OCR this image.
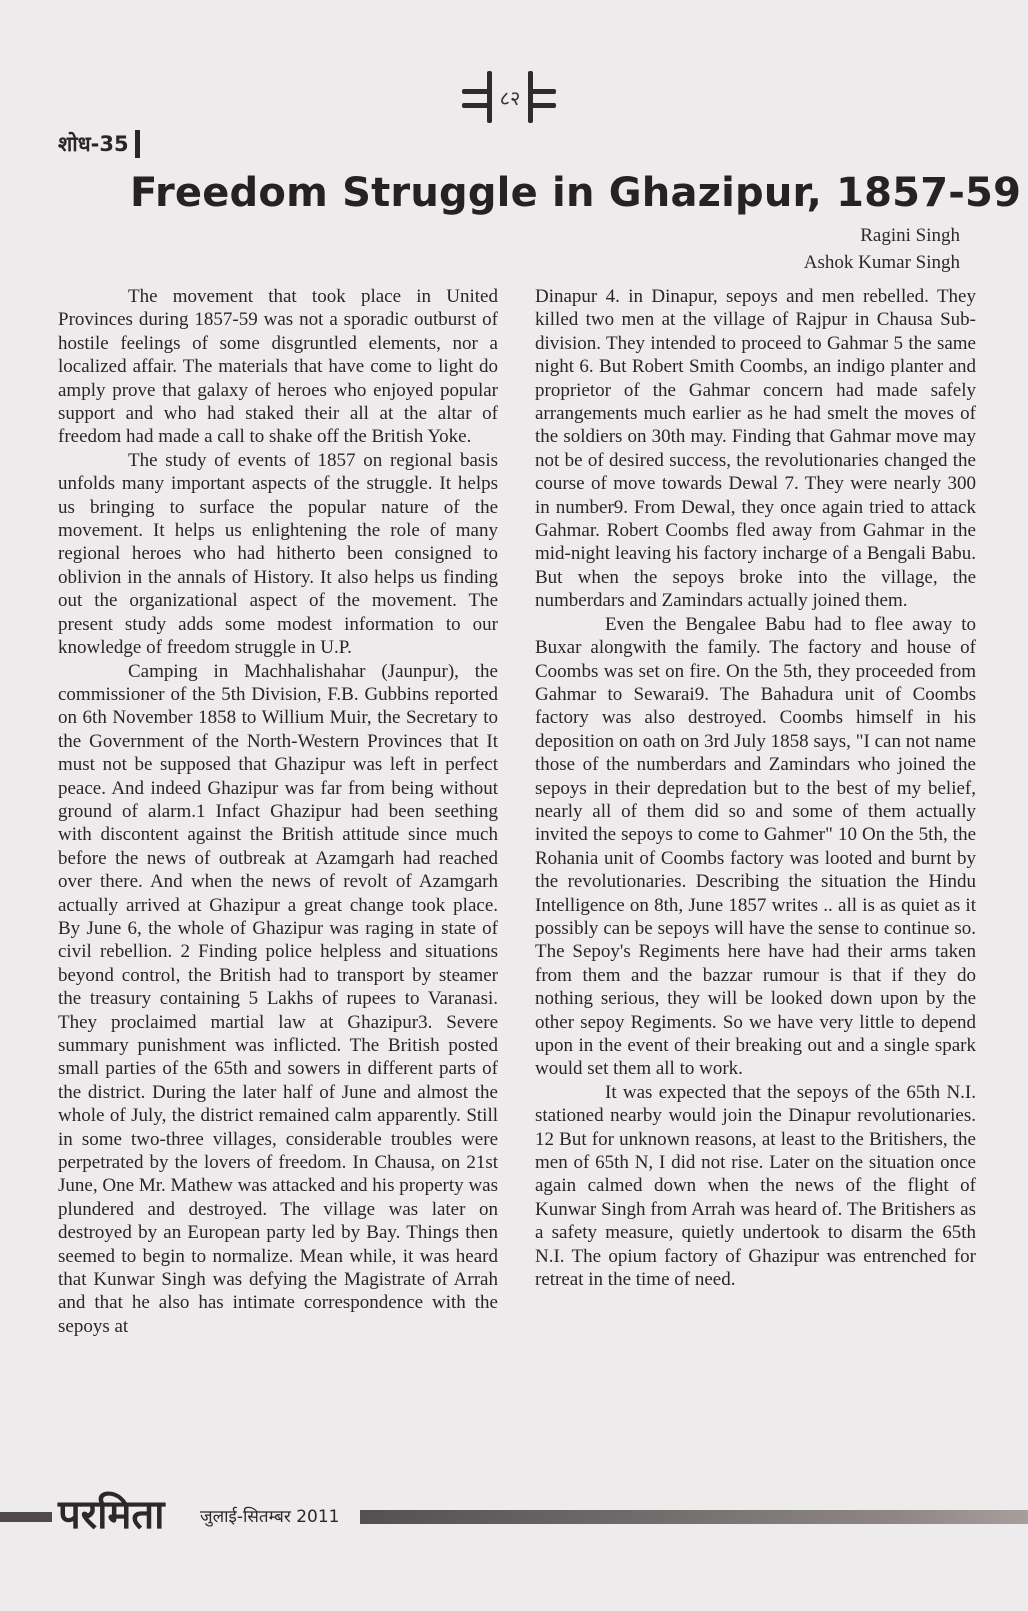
८२
शोध-35
Freedom Struggle in Ghazipur, 1857-59
Ragini Singh
Ashok Kumar Singh

The movement that took place in United Provinces during 1857-59 was not a sporadic outburst of hostile feelings of some disgruntled elements, nor a localized affair. The materials that have come to light do amply prove that galaxy of heroes who enjoyed popular support and who had staked their all at the altar of freedom had made a call to shake off the British Yoke.

The study of events of 1857 on regional basis unfolds many important aspects of the struggle. It helps us bringing to surface the popular nature of the movement. It helps us enlightening the role of many regional heroes who had hitherto been consigned to oblivion in the annals of History. It also helps us finding out the organizational aspect of the movement. The present study adds some modest information to our knowledge of freedom struggle in U.P.

Camping in Machhalishahar (Jaunpur), the commissioner of the 5th Division, F.B. Gubbins reported on 6th November 1858 to Willium Muir, the Secretary to the Government of the North-Western Provinces that It must not be supposed that Ghazipur was left in perfect peace. And indeed Ghazipur was far from being without ground of alarm.1 Infact Ghazipur had been seething with discontent against the British attitude since much before the news of outbreak at Azamgarh had reached over there. And when the news of revolt of Azamgarh actually arrived at Ghazipur a great change took place. By June 6, the whole of Ghazipur was raging in state of civil rebellion. 2 Finding police helpless and situations beyond control, the British had to transport by steamer the treasury containing 5 Lakhs of rupees to Varanasi. They proclaimed martial law at Ghazipur3. Severe summary punishment was inflicted. The British posted small parties of the 65th and sowers in different parts of the district. During the later half of June and almost the whole of July, the district remained calm apparently. Still in some two-three villages, considerable troubles were perpetrated by the lovers of freedom. In Chausa, on 21st June, One Mr. Mathew was attacked and his property was plundered and destroyed. The village was later on destroyed by an European party led by Bay. Things then seemed to begin to normalize. Mean while, it was heard that Kunwar Singh was defying the Magistrate of Arrah and that he also has intimate correspondence with the sepoys at

Dinapur 4. in Dinapur, sepoys and men rebelled. They killed two men at the village of Rajpur in Chausa Sub-division. They intended to proceed to Gahmar 5 the same night 6. But Robert Smith Coombs, an indigo planter and proprietor of the Gahmar concern had made safely arrangements much earlier as he had smelt the moves of the soldiers on 30th may. Finding that Gahmar move may not be of desired success, the revolutionaries changed the course of move towards Dewal 7. They were nearly 300 in number9. From Dewal, they once again tried to attack Gahmar. Robert Coombs fled away from Gahmar in the mid-night leaving his factory incharge of a Bengali Babu. But when the sepoys broke into the village, the numberdars and Zamindars actually joined them.

Even the Bengalee Babu had to flee away to Buxar alongwith the family. The factory and house of Coombs was set on fire. On the 5th, they proceeded from Gahmar to Sewarai9. The Bahadura unit of Coombs factory was also destroyed. Coombs himself in his deposition on oath on 3rd July 1858 says, "I can not name those of the numberdars and Zamindars who joined the sepoys in their depredation but to the best of my belief, nearly all of them did so and some of them actually invited the sepoys to come to Gahmer" 10 On the 5th, the Rohania unit of Coombs factory was looted and burnt by the revolutionaries. Describing the situation the Hindu Intelligence on 8th, June 1857 writes .. all is as quiet as it possibly can be sepoys will have the sense to continue so. The Sepoy's Regiments here have had their arms taken from them and the bazzar rumour is that if they do nothing serious, they will be looked down upon by the other sepoy Regiments. So we have very little to depend upon in the event of their breaking out and a single spark would set them all to work.

It was expected that the sepoys of the 65th N.I. stationed nearby would join the Dinapur revolutionaries. 12 But for unknown reasons, at least to the Britishers, the men of 65th N, I did not rise. Later on the situation once again calmed down when the news of the flight of Kunwar Singh from Arrah was heard of. The Britishers as a safety measure, quietly undertook to disarm the 65th N.I. The opium factory of Ghazipur was entrenched for retreat in the time of need.

परमिता जुलाई-सितम्बर 2011
